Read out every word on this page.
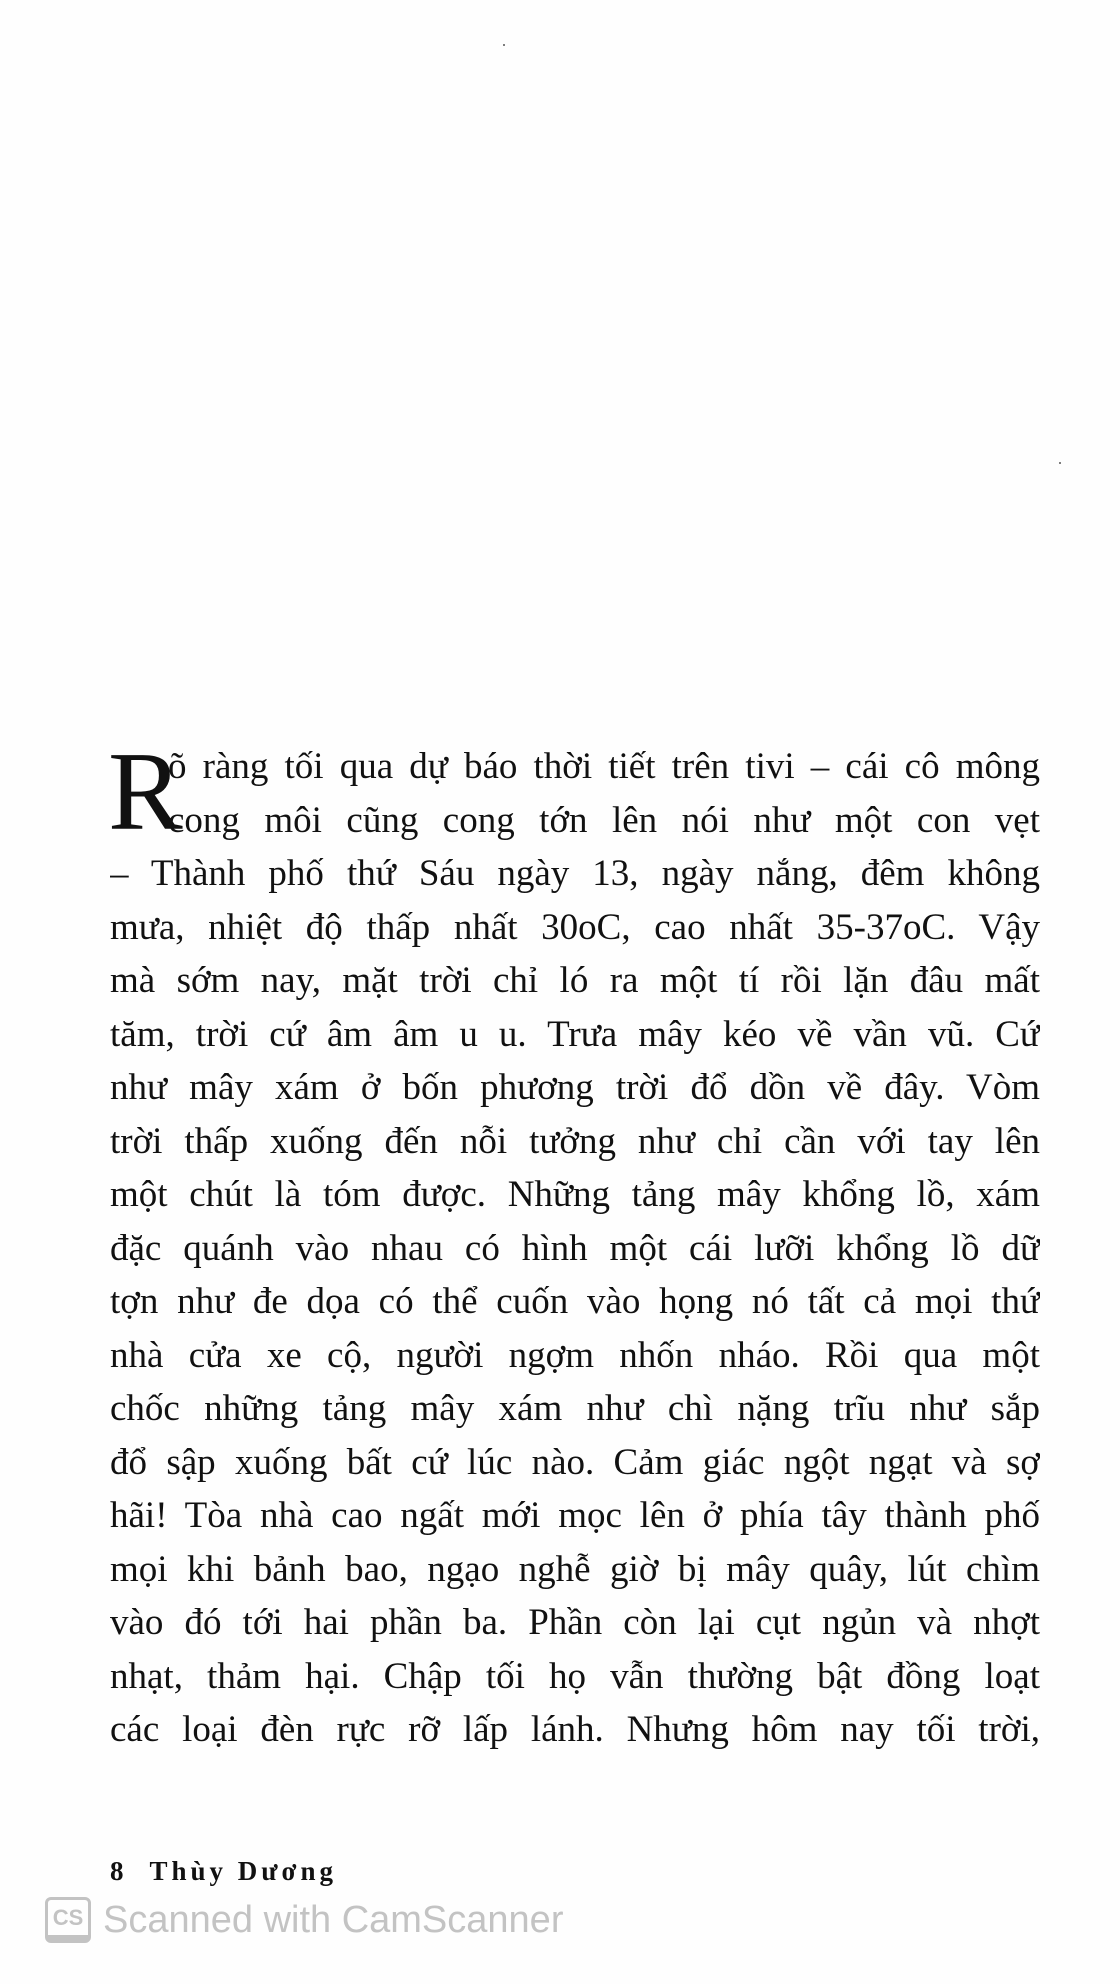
R
õ ràng tối qua dự báo thời tiết trên tivi – cái cô mông
cong môi cũng cong tớn lên nói như một con vẹt
– Thành phố thứ Sáu ngày 13, ngày nắng, đêm không
mưa, nhiệt độ thấp nhất 30oC, cao nhất 35-37oC. Vậy
mà sớm nay, mặt trời chỉ ló ra một tí rồi lặn đâu mất
tăm, trời cứ âm âm u u. Trưa mây kéo về vần vũ. Cứ
như mây xám ở bốn phương trời đổ dồn về đây. Vòm
trời thấp xuống đến nỗi tưởng như chỉ cần với tay lên
một chút là tóm được. Những tảng mây khổng lồ, xám
đặc quánh vào nhau có hình một cái lưỡi khổng lồ dữ
tợn như đe dọa có thể cuốn vào họng nó tất cả mọi thứ
nhà cửa xe cộ, người ngợm nhốn nháo. Rồi qua một
chốc những tảng mây xám như chì nặng trĩu như sắp
đổ sập xuống bất cứ lúc nào. Cảm giác ngột ngạt và sợ
hãi! Tòa nhà cao ngất mới mọc lên ở phía tây thành phố
mọi khi bảnh bao, ngạo nghễ giờ bị mây quây, lút chìm
vào đó tới hai phần ba. Phần còn lại cụt ngủn và nhợt
nhạt, thảm hại. Chập tối họ vẫn thường bật đồng loạt
các loại đèn rực rỡ lấp lánh. Nhưng hôm nay tối trời,
8 Thùy Dương
CS Scanned with CamScanner
